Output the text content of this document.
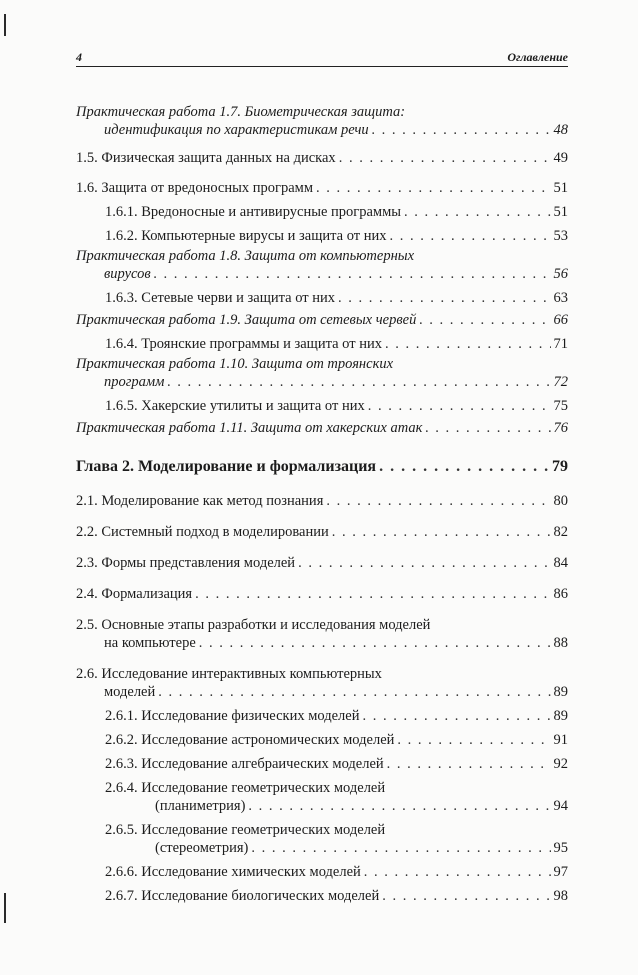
4	Оглавление
Практическая работа 1.7. Биометрическая защита:
идентификация по характеристикам речи . . .	48
1.5. Физическая защита данных на дисках . . .	49
1.6. Защита от вредоносных программ . . .	51
1.6.1. Вредоносные и антивирусные программы . . .	51
1.6.2. Компьютерные вирусы и защита от них . . .	53
Практическая работа 1.8. Защита от компьютерных
вирусов . . .	56
1.6.3. Сетевые черви и защита от них . . .	63
Практическая работа 1.9. Защита от сетевых червей . . .	66
1.6.4. Троянские программы и защита от них . . .	71
Практическая работа 1.10. Защита от троянских
программ . . .	72
1.6.5. Хакерские утилиты и защита от них . . .	75
Практическая работа 1.11. Защита от хакерских атак . . .	76
Глава 2. Моделирование и формализация . . .	79
2.1. Моделирование как метод познания . . .	80
2.2. Системный подход в моделировании . . .	82
2.3. Формы представления моделей . . .	84
2.4. Формализация . . .	86
2.5. Основные этапы разработки и исследования моделей
на компьютере . . .	88
2.6. Исследование интерактивных компьютерных
моделей . . .	89
2.6.1. Исследование физических моделей . . .	89
2.6.2. Исследование астрономических моделей . . .	91
2.6.3. Исследование алгебраических моделей . . .	92
2.6.4. Исследование геометрических моделей
(планиметрия) . . .	94
2.6.5. Исследование геометрических моделей
(стереометрия) . . .	95
2.6.6. Исследование химических моделей . . .	97
2.6.7. Исследование биологических моделей . . .	98
